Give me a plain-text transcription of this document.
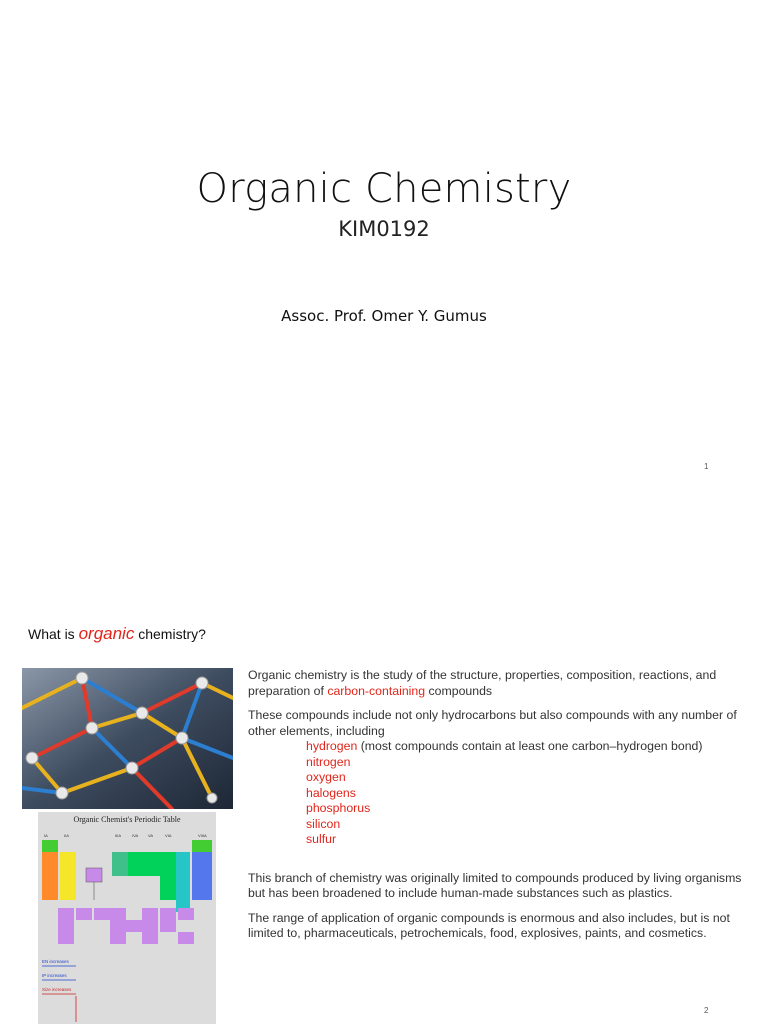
Organic Chemistry
KIM0192
Assoc. Prof. Omer Y. Gumus
1
What is organic chemistry?
Organic Chemist's Periodic Table
IA	IIA	IIIA	IVA VA	VIA	VIIIA
EN increases
IP increases
Size increases

Organic chemistry is the study of the structure, properties, composition, reactions, and preparation of carbon-containing compounds

These compounds include not only hydrocarbons but also compounds with any number of other elements, including

hydrogen (most compounds contain at least one carbon–hydrogen bond)
nitrogen
oxygen
halogens
phosphorus
silicon
sulfur

This branch of chemistry was originally limited to compounds produced by living organisms but has been broadened to include human-made substances such as plastics.

The range of application of organic compounds is enormous and also includes, but is not limited to, pharmaceuticals, petrochemicals, food, explosives, paints, and cosmetics.

2
